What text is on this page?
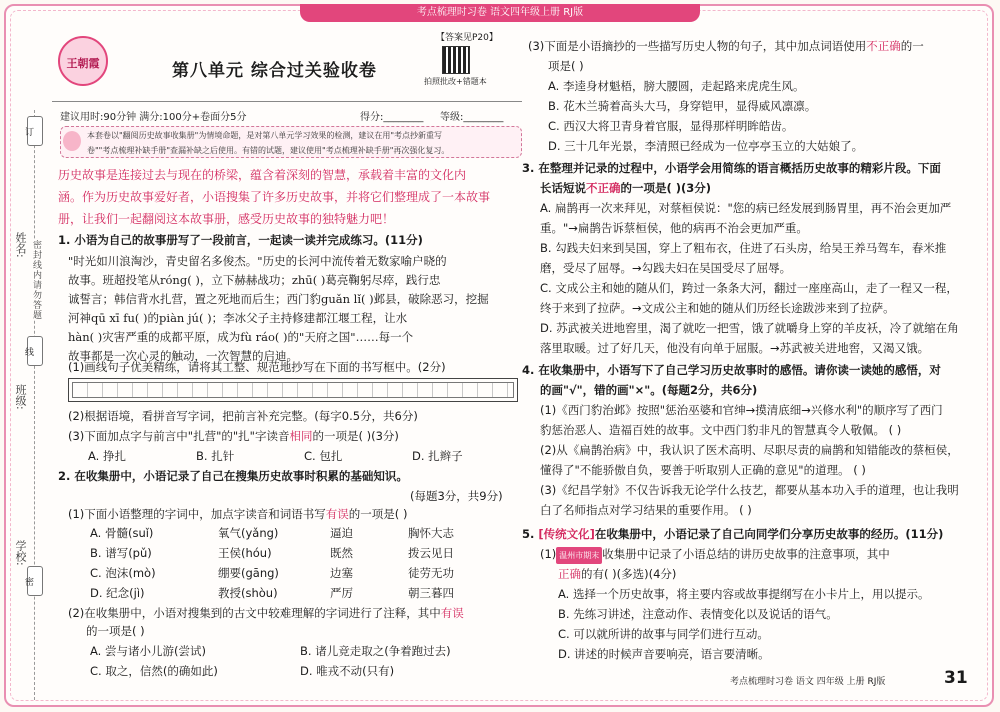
考点梳理时习卷 语文四年级上册 RJ版
姓名:
班级:
学校:
订
线
密
密封线内请勿答题
王朝霞	第八单元 综合过关验收卷
【答案见P20】
拍照批改+错题本
建议用时:90分钟 满分:100分+卷面分5分	得分:________ 等级:________
本套卷以"翻阅历史故事收集册"为情境命题，是对第八单元学习效果的检测，建议在用"考点抄新重写
卷""考点梳理补缺手册"查漏补缺之后使用。有错的试题，建议使用"考点梳理补缺手册"再次强化复习。
历史故事是连接过去与现在的桥梁，蕴含着深刻的智慧，承载着丰富的文化内
涵。作为历史故事爱好者，小语搜集了许多历史故事，并将它们整理成了一本故事
册，让我们一起翻阅这本故事册，感受历史故事的独特魅力吧！
1. 小语为自己的故事册写了一段前言，一起读一读并完成练习。(11分)
"时光如川浪淘沙，青史留名多俊杰。"历史的长河中流传着无数家喻户晓的
故事。班超投笔从róng( )，立下赫赫战功；zhū( )葛亮鞠躬尽瘁，践行忠
诚誓言；韩信背水扎营，置之死地而后生；西门豹guǎn lǐ( )邺县，破除恶习，挖掘
河神qū xī fu( )的piàn jú( )；李冰父子主持修建都江堰工程，让水
hàn( )灾害严重的成都平原，成为fù ráo( )的"天府之国"……每一个
故事都是一次心灵的触动，一次智慧的启迪。
(1)画线句子优美精练，请将其工整、规范地抄写在下面的书写框中。(2分)
(2)根据语境，看拼音写字词，把前言补充完整。(每字0.5分，共6分)
(3)下面加点字与前言中"扎营"的"扎"字读音相同的一项是( )(3分)
A. 挣扎	B. 扎针	C. 包扎	D. 扎辫子
2. 在收集册中，小语记录了自己在搜集历史故事时积累的基础知识。
(每题3分，共9分)
(1)下面小语整理的字词中，加点字读音和词语书写有误的一项是( )
A. 骨髓(suǐ)	氧气(yǎng)	逼迫	胸怀大志
B. 谱写(pǔ)	王侯(hóu)	既然	拨云见日
C. 泡沫(mò)	绷要(gāng)	边塞	徒劳无功
D. 纪念(jì)	教授(shòu)	严厉	朝三暮四
(2)在收集册中，小语对搜集到的古文中较难理解的字词进行了注释，其中有误
的一项是( )
A. 尝与诸小儿游(尝试)	B. 诸儿竞走取之(争着跑过去)
C. 取之，信然(的确如此)	D. 唯戎不动(只有)
(3)下面是小语摘抄的一些描写历史人物的句子，其中加点词语使用不正确的一
项是( )
A. 李逵身材魁梧，膀大腰圆，走起路来虎虎生风。
B. 花木兰骑着高头大马，身穿铠甲，显得威风凛凛。
C. 西汉大将卫青身着官服，显得那样明眸皓齿。
D. 三十几年光景，李清照已经成为一位亭亭玉立的大姑娘了。
3. 在整理并记录的过程中，小语学会用简练的语言概括历史故事的精彩片段。下面
长话短说不正确的一项是( )(3分)
A. 扁鹊再一次来拜见，对蔡桓侯说："您的病已经发展到肠胃里，再不治会更加严
重。"→扁鹊告诉蔡桓侯，他的病再不治会更加严重。
B. 勾践夫妇来到吴国，穿上了粗布衣，住进了石头房，给吴王养马驾车，春米推
磨，受尽了屈辱。→勾践夫妇在吴国受尽了屈辱。
C. 文成公主和她的随从们，跨过一条条大河，翻过一座座高山，走了一程又一程，
终于来到了拉萨。→文成公主和她的随从们历经长途跋涉来到了拉萨。
D. 苏武被关进地窖里，渴了就吃一把雪，饿了就嚼身上穿的羊皮袄，冷了就缩在角
落里取暖。过了好几天，他没有向单于屈服。→苏武被关进地窖，又渴又饿。
4. 在收集册中，小语写下了自己学习历史故事时的感悟。请你读一读她的感悟，对
的画"√"，错的画"×"。(每题2分，共6分)
(1)《西门豹治邺》按照"惩治巫婆和官绅→摸清底细→兴修水利"的顺序写了西门
豹惩治恶人、造福百姓的故事。文中西门豹非凡的智慧真令人敬佩。 ( )
(2)从《扁鹊治病》中，我认识了医术高明、尽职尽责的扁鹊和知错能改的蔡桓侯，
懂得了"不能骄傲自负，要善于听取别人正确的意见"的道理。 ( )
(3)《纪昌学射》不仅告诉我无论学什么技艺，都要从基本功入手的道理，也让我明
白了名师指点对学习结果的重要作用。 ( )
5. [传统文化]在收集册中，小语记录了自己向同学们分享历史故事的经历。(11分)
(1) 温州市期末 收集册中记录了小语总结的讲历史故事的注意事项，其中
正确的有( )(多选)(4分)
A. 选择一个历史故事，将主要内容或故事提纲写在小卡片上，用以提示。
B. 先练习讲述，注意动作、表情变化以及说话的语气。
C. 可以就所讲的故事与同学们进行互动。
D. 讲述的时候声音要响亮，语言要清晰。
考点梳理时习卷 语文 四年级 上册 RJ版	31
